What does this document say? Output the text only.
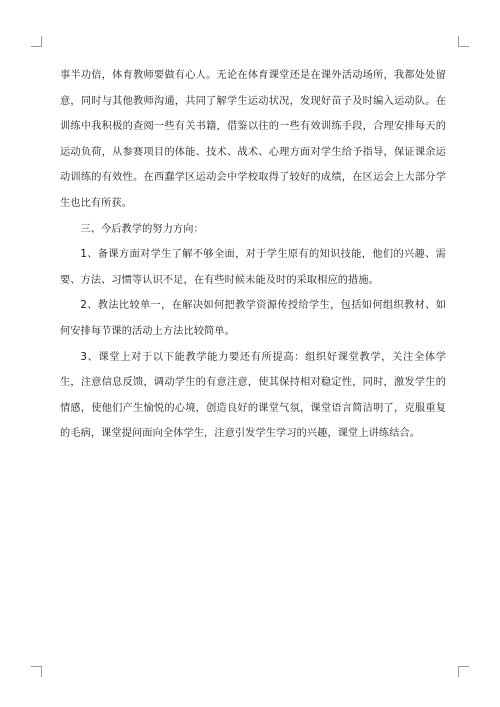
事半功倍，体育教师要做有心人。无论在体育课堂还是在课外活动场所，我都处处留意，同时与其他教师沟通，共同了解学生运动状况，发现好苗子及时编入运动队。在训练中我积极的查阅一些有关书籍，借鉴以往的一些有效训练手段，合理安排每天的运动负荷，从参赛项目的体能、技术、战术、心理方面对学生给予指导，保证课余运动训练的有效性。在西蠢学区运动会中学校取得了较好的成绩，在区运会上大部分学生也比有所获。

三、今后教学的努力方向：

1、备课方面对学生了解不够全面，对于学生原有的知识技能，他们的兴趣、需要、方法、习惯等认识不足，在有些时候未能及时的采取相应的措施。

2、教法比较单一，在解决如何把教学资源传授给学生，包括如何组织教材、如何安排每节课的活动上方法比较简单。

3、课堂上对于以下能教学能力要还有所提高：组织好课堂教学，关注全体学生，注意信息反馈，调动学生的有意注意，使其保持相对稳定性，同时，激发学生的情感，使他们产生愉悦的心境，创造良好的课堂气氛，课堂语言简洁明了，克服重复的毛病，课堂提问面向全体学生，注意引发学生学习的兴趣，课堂上讲练结合。
